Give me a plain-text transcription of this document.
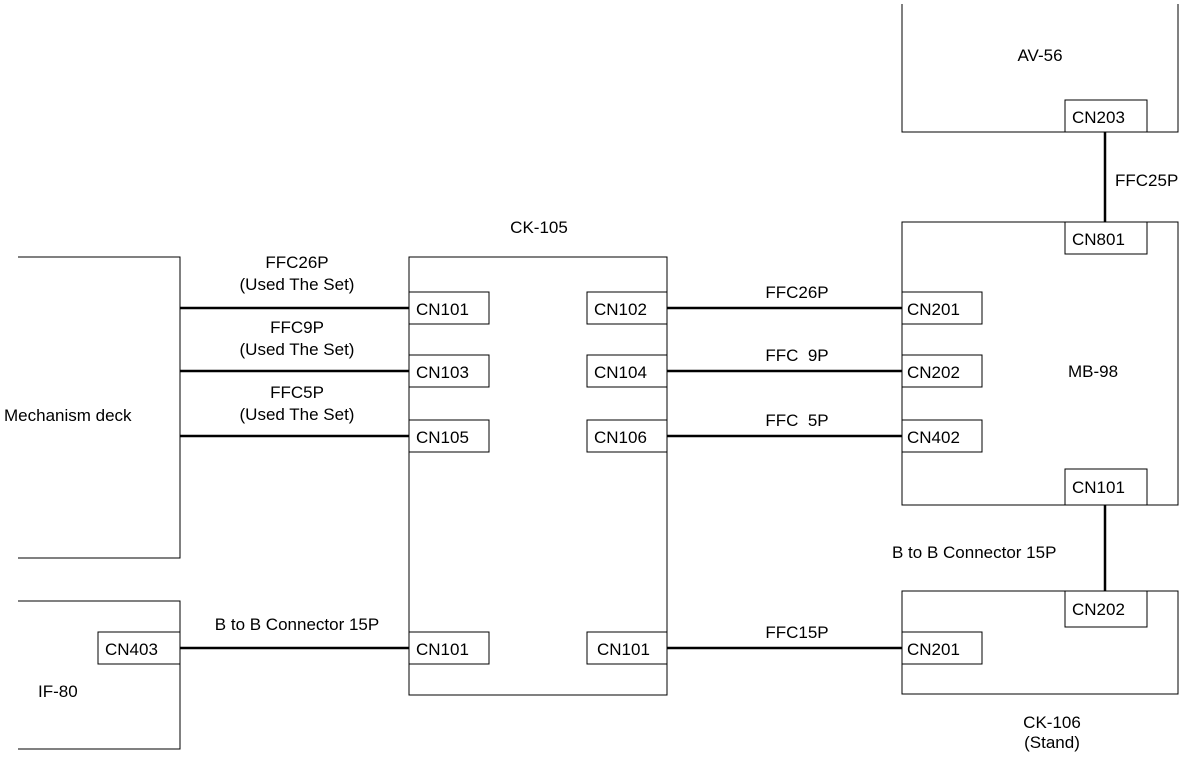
Mechanism deck
CN403
IF-80
CK-105
CN101
CN103
CN105
CN101
CN102
CN104
CN106
CN101
AV-56
CN203
CN801
CN201
CN202
CN402
MB-98
CN101
CN202
CN201
CK-106
(Stand)
FFC26P
(Used The Set)
FFC9P
(Used The Set)
FFC5P
(Used The Set)
B to B Connector 15P
FFC26P
FFC  9P
FFC  5P
FFC15P
FFC25P
B to B Connector 15P
